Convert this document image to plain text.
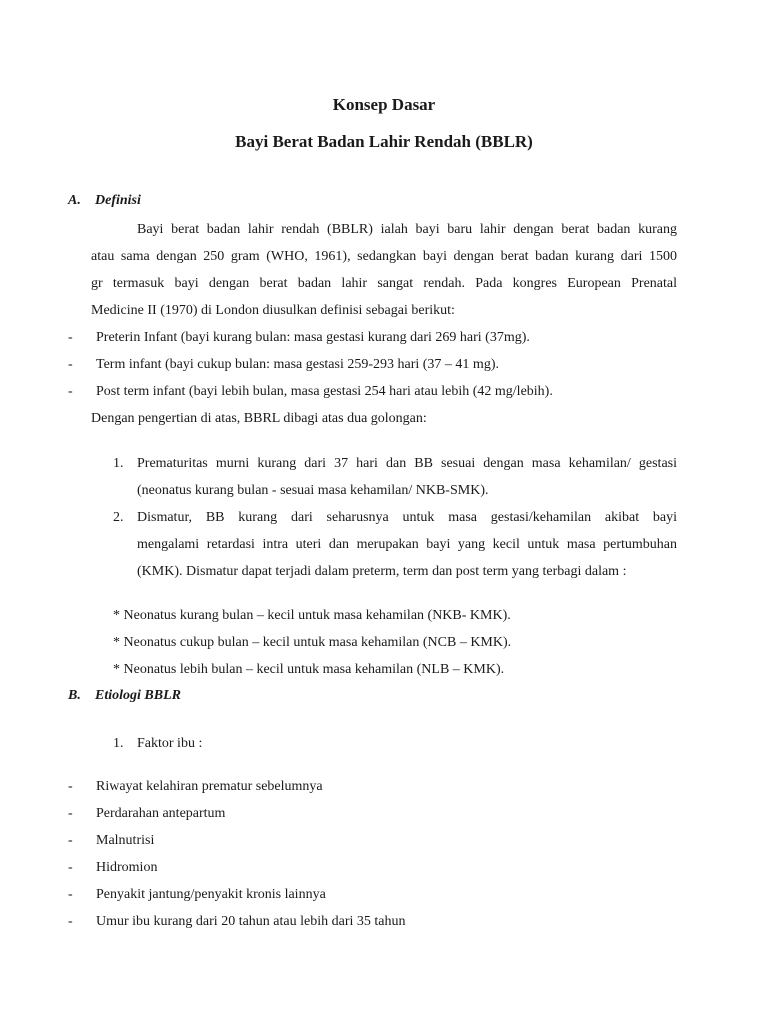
Konsep Dasar
Bayi Berat Badan Lahir Rendah (BBLR)
A. Definisi
Bayi berat badan lahir rendah (BBLR) ialah bayi baru lahir dengan berat badan kurang
atau sama dengan 250 gram (WHO, 1961), sedangkan bayi dengan berat badan kurang dari 1500
gr termasuk bayi dengan berat badan lahir sangat rendah. Pada kongres European Prenatal
Medicine II (1970) di London diusulkan definisi sebagai berikut:
- Preterin Infant (bayi kurang bulan: masa gestasi kurang dari 269 hari (37mg).
- Term infant (bayi cukup bulan: masa gestasi 259-293 hari (37 – 41 mg).
- Post term infant (bayi lebih bulan, masa gestasi 254 hari atau lebih (42 mg/lebih).
Dengan pengertian di atas, BBRL dibagi atas dua golongan:
1. Prematuritas murni kurang dari 37 hari dan BB sesuai dengan masa kehamilan/ gestasi
(neonatus kurang bulan - sesuai masa kehamilan/ NKB-SMK).
2. Dismatur, BB kurang dari seharusnya untuk masa gestasi/kehamilan akibat bayi
mengalami retardasi intra uteri dan merupakan bayi yang kecil untuk masa pertumbuhan
(KMK). Dismatur dapat terjadi dalam preterm, term dan post term yang terbagi dalam :
* Neonatus kurang bulan – kecil untuk masa kehamilan (NKB- KMK).
* Neonatus cukup bulan – kecil untuk masa kehamilan (NCB – KMK).
* Neonatus lebih bulan – kecil untuk masa kehamilan (NLB – KMK).
B. Etiologi BBLR
1. Faktor ibu :
- Riwayat kelahiran prematur sebelumnya
- Perdarahan antepartum
- Malnutrisi
- Hidromion
- Penyakit jantung/penyakit kronis lainnya
- Umur ibu kurang dari 20 tahun atau lebih dari 35 tahun
